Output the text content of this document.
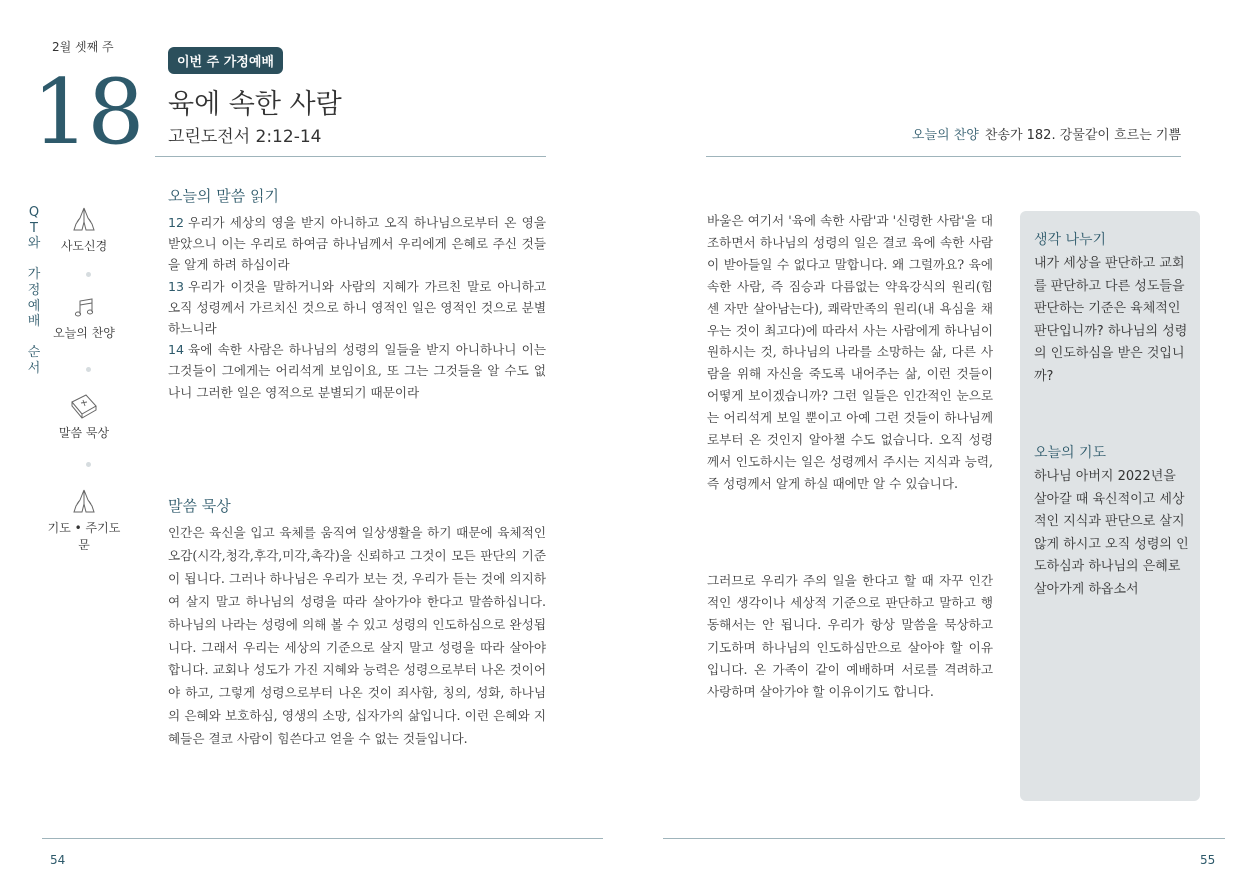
2월 셋째 주
18	이번 주 가정예배
육에 속한 사람
고린도전서 2:12-14	오늘의 찬양 찬송가 182. 강물같이 흐르는 기쁨
Q
T
와

가
정
예
배

순
서
사도신경
오늘의 찬양
말씀 묵상
기도 • 주기도문
오늘의 말씀 읽기
12 우리가 세상의 영을 받지 아니하고 오직 하나님으로부터 온 영을 받았으니 이는 우리로 하여금 하나님께서 우리에게 은혜로 주신 것들을 알게 하려 하심이라
13 우리가 이것을 말하거니와 사람의 지혜가 가르친 말로 아니하고 오직 성령께서 가르치신 것으로 하니 영적인 일은 영적인 것으로 분별하느니라
14 육에 속한 사람은 하나님의 성령의 일들을 받지 아니하나니 이는 그것들이 그에게는 어리석게 보임이요, 또 그는 그것들을 알 수도 없나니 그러한 일은 영적으로 분별되기 때문이라
말씀 묵상
인간은 육신을 입고 육체를 움직여 일상생활을 하기 때문에 육체적인 오감(시각,청각,후각,미각,촉각)을 신뢰하고 그것이 모든 판단의 기준이 됩니다. 그러나 하나님은 우리가 보는 것, 우리가 듣는 것에 의지하여 살지 말고 하나님의 성령을 따라 살아가야 한다고 말씀하십니다. 하나님의 나라는 성령에 의해 볼 수 있고 성령의 인도하심으로 완성됩니다. 그래서 우리는 세상의 기준으로 살지 말고 성령을 따라 살아야 합니다. 교회나 성도가 가진 지혜와 능력은 성령으로부터 나온 것이어야 하고, 그렇게 성령으로부터 나온 것이 죄사함, 칭의, 성화, 하나님의 은혜와 보호하심, 영생의 소망, 십자가의 삶입니다. 이런 은혜와 지혜들은 결코 사람이 힘쓴다고 얻을 수 없는 것들입니다.
바울은 여기서 '육에 속한 사람'과 '신령한 사람'을 대조하면서 하나님의 성령의 일은 결코 육에 속한 사람이 받아들일 수 없다고 말합니다. 왜 그럴까요? 육에 속한 사람, 즉 짐승과 다름없는 약육강식의 원리(힘 센 자만 살아남는다), 쾌락만족의 원리(내 욕심을 채우는 것이 최고다)에 따라서 사는 사람에게 하나님이 원하시는 것, 하나님의 나라를 소망하는 삶, 다른 사람을 위해 자신을 죽도록 내어주는 삶, 이런 것들이 어떻게 보이겠습니까? 그런 일들은 인간적인 눈으로는 어리석게 보일 뿐이고 아예 그런 것들이 하나님께로부터 온 것인지 알아챌 수도 없습니다. 오직 성령께서 인도하시는 일은 성령께서 주시는 지식과 능력, 즉 성령께서 알게 하실 때에만 알 수 있습니다.
그러므로 우리가 주의 일을 한다고 할 때 자꾸 인간적인 생각이나 세상적 기준으로 판단하고 말하고 행동해서는 안 됩니다. 우리가 항상 말씀을 묵상하고 기도하며 하나님의 인도하심만으로 살아야 할 이유입니다. 온 가족이 같이 예배하며 서로를 격려하고 사랑하며 살아가야 할 이유이기도 합니다.
생각 나누기
내가 세상을 판단하고 교회를 판단하고 다른 성도들을 판단하는 기준은 육체적인 판단입니까? 하나님의 성령의 인도하심을 받은 것입니까?
오늘의 기도
하나님 아버지 2022년을 살아갈 때 육신적이고 세상적인 지식과 판단으로 살지 않게 하시고 오직 성령의 인도하심과 하나님의 은혜로 살아가게 하옵소서
54	55
